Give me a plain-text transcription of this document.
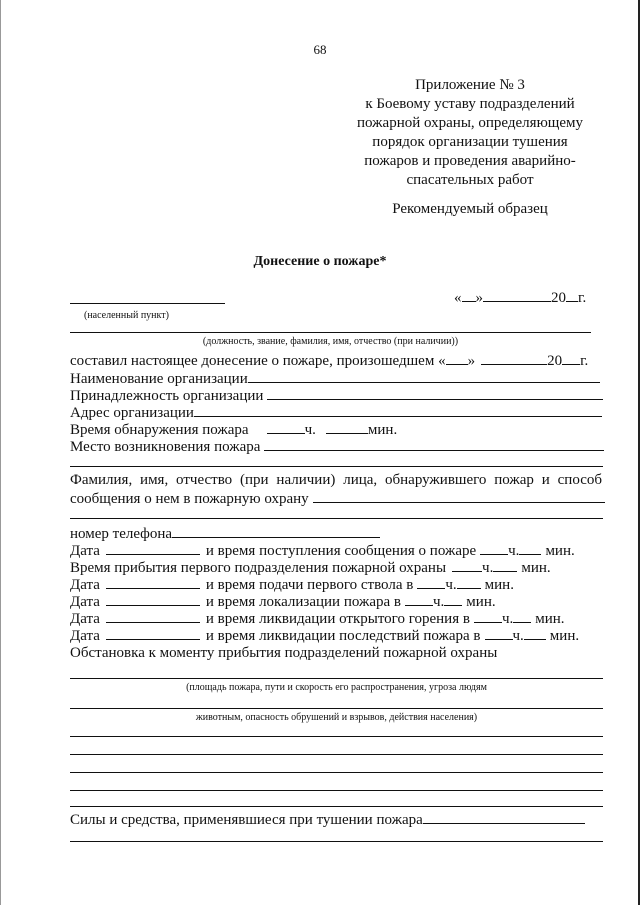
68
Приложение № 3
к Боевому уставу подразделений
пожарной охраны, определяющему
порядок организации тушения
пожаров и проведения аварийно-
спасательных работ
Рекомендуемый образец
Донесение о пожаре*
« »	20 г.
(населенный пункт)
(должность, звание, фамилия, имя, отчество (при наличии))
составил настоящее донесение о пожаре, произошедшем « »	20 г.
Наименование организации
Принадлежность организации
Адрес организации
Время обнаружения пожара	ч.	мин.
Место возникновения пожара
Фамилия, имя, отчество (при наличии) лица, обнаружившего пожар и способ
сообщения о нем в пожарную охрану
номер телефона
Дата	и время поступления сообщения о пожаре ч. мин.
Время прибытия первого подразделения пожарной охраны ч. мин.
Дата	и время подачи первого ствола в ч. мин.
Дата	и время локализации пожара в ч. мин.
Дата	и время ликвидации открытого горения в ч. мин.
Дата	и время ликвидации последствий пожара в ч. мин.
Обстановка к моменту прибытия подразделений пожарной охраны
(площадь пожара, пути и скорость его распространения, угроза людям
животным, опасность обрушений и взрывов, действия населения)
Силы и средства, применявшиеся при тушении пожара
